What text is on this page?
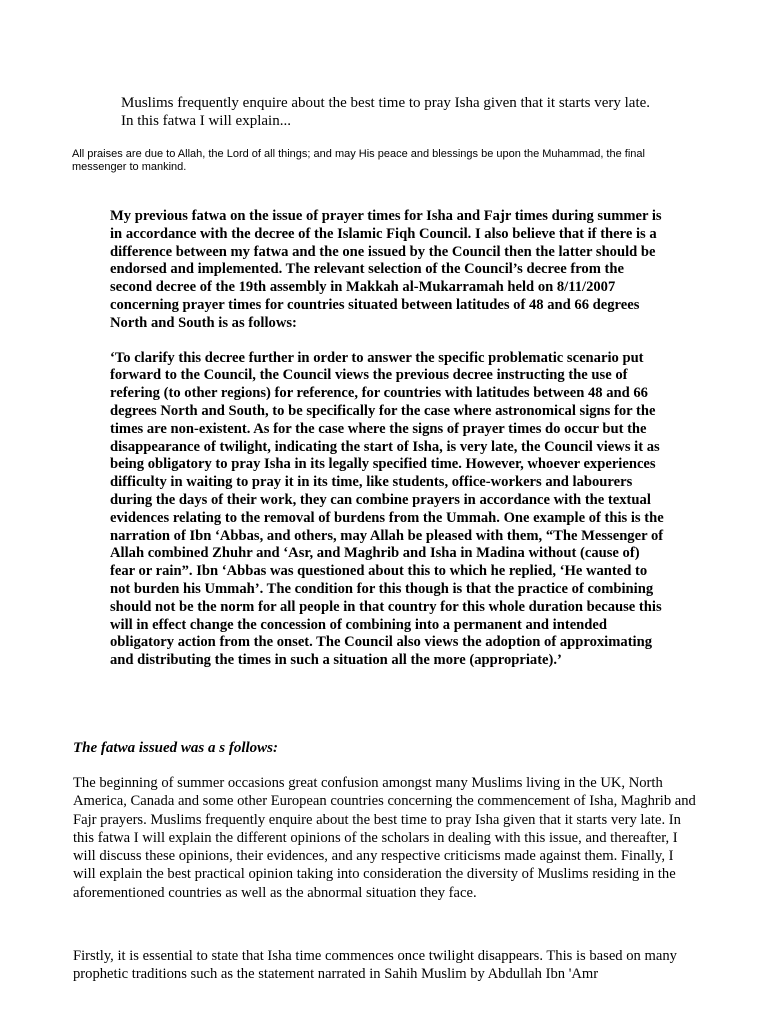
Muslims frequently enquire about the best time to pray Isha given that it starts very late. In this fatwa I will explain...

All praises are due to Allah, the Lord of all things; and may His peace and blessings be upon the Muhammad, the final messenger to mankind.

My previous fatwa on the issue of prayer times for Isha and Fajr times during summer is in accordance with the decree of the Islamic Fiqh Council. I also believe that if there is a difference between my fatwa and the one issued by the Council then the latter should be endorsed and implemented. The relevant selection of the Council’s decree from the second decree of the 19th assembly in Makkah al-Mukarramah held on 8/11/2007 concerning prayer times for countries situated between latitudes of 48 and 66 degrees North and South is as follows:

‘To clarify this decree further in order to answer the specific problematic scenario put forward to the Council, the Council views the previous decree instructing the use of refering (to other regions) for reference, for countries with latitudes between 48 and 66 degrees North and South, to be specifically for the case where astronomical signs for the times are non-existent. As for the case where the signs of prayer times do occur but the disappearance of twilight, indicating the start of Isha, is very late, the Council views it as being obligatory to pray Isha in its legally specified time. However, whoever experiences difficulty in waiting to pray it in its time, like students, office-workers and labourers during the days of their work, they can combine prayers in accordance with the textual evidences relating to the removal of burdens from the Ummah. One example of this is the narration of Ibn ‘Abbas, and others, may Allah be pleased with them, “The Messenger of Allah combined Zhuhr and ‘Asr, and Maghrib and Isha in Madina without (cause of) fear or rain”. Ibn ‘Abbas was questioned about this to which he replied, ‘He wanted to not burden his Ummah’. The condition for this though is that the practice of combining should not be the norm for all people in that country for this whole duration because this will in effect change the concession of combining into a permanent and intended obligatory action from the onset. The Council also views the adoption of approximating and distributing the times in such a situation all the more (appropriate).’

The fatwa issued was a s follows:

The beginning of summer occasions great confusion amongst many Muslims living in the UK, North America, Canada and some other European countries concerning the commencement of Isha, Maghrib and Fajr prayers. Muslims frequently enquire about the best time to pray Isha given that it starts very late. In this fatwa I will explain the different opinions of the scholars in dealing with this issue, and thereafter, I will discuss these opinions, their evidences, and any respective criticisms made against them. Finally, I will explain the best practical opinion taking into consideration the diversity of Muslims residing in the aforementioned countries as well as the abnormal situation they face.

Firstly, it is essential to state that Isha time commences once twilight disappears. This is based on many prophetic traditions such as the statement narrated in Sahih Muslim by Abdullah Ibn 'Amr
